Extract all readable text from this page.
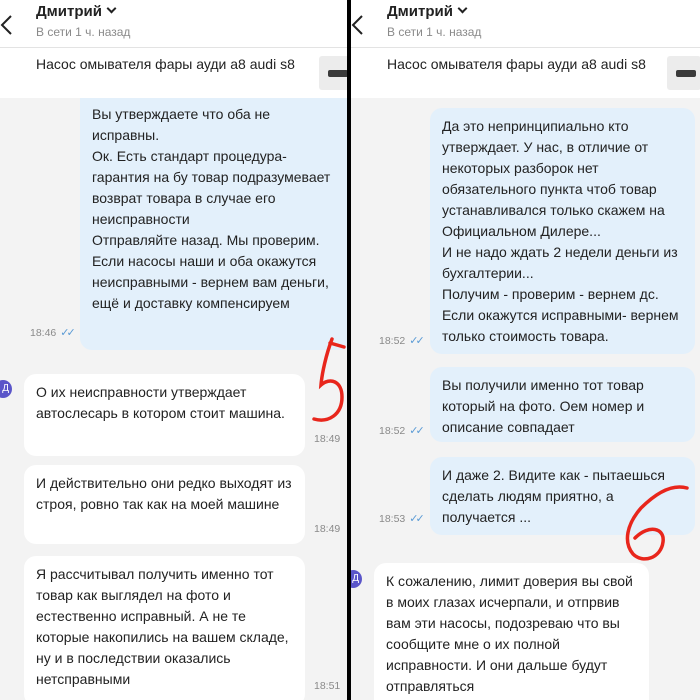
Дмитрий
В сети 1 ч. назад
Насос омывателя фары ауди а8 audi s8
Вы утверждаете что оба не исправны.
Ок. Есть стандарт процедура- гарантия на бу товар подразумевает возврат товара в случае его неисправности
Отправляйте назад. Мы проверим. Если насосы наши и оба окажутся неисправными - вернем вам деньги, ещё и доставку компенсируем
18:46 ✓✓
Д О их неисправности утверждает автослесарь в котором стоит машина.
18:49
И действительно они редко выходят из строя, ровно так как на моей машине
18:49
Я рассчитывал получить именно тот товар как выглядел на фото и естественно исправный. А не те которые накопились на вашем складе, ну и в последствии оказались нетсправными	18:51
Дмитрий
В сети 1 ч. назад
Насос омывателя фары ауди а8 audi s8
Да это непринципиально кто утверждает. У нас, в отличие от некоторых разборок нет обязательного пункта чтоб товар устанавливался только скажем на Официальном Дилере...
И не надо ждать 2 недели деньги из бухгалтерии...
Получим - проверим - вернем дс. Если окажутся исправными- вернем только стоимость товара.
18:52 ✓✓
Вы получили именно тот товар который на фото. Оем номер и описание совпадает
18:52 ✓✓
И даже 2. Видите как - пытаешься сделать людям приятно, а получается ...
18:53 ✓✓
Д К сожалению, лимит доверия вы свой в моих глазах исчерпали, и отпрвив вам эти насосы, подозреваю что вы сообщите мне о их полной исправности. И они дальше будут отправляться
